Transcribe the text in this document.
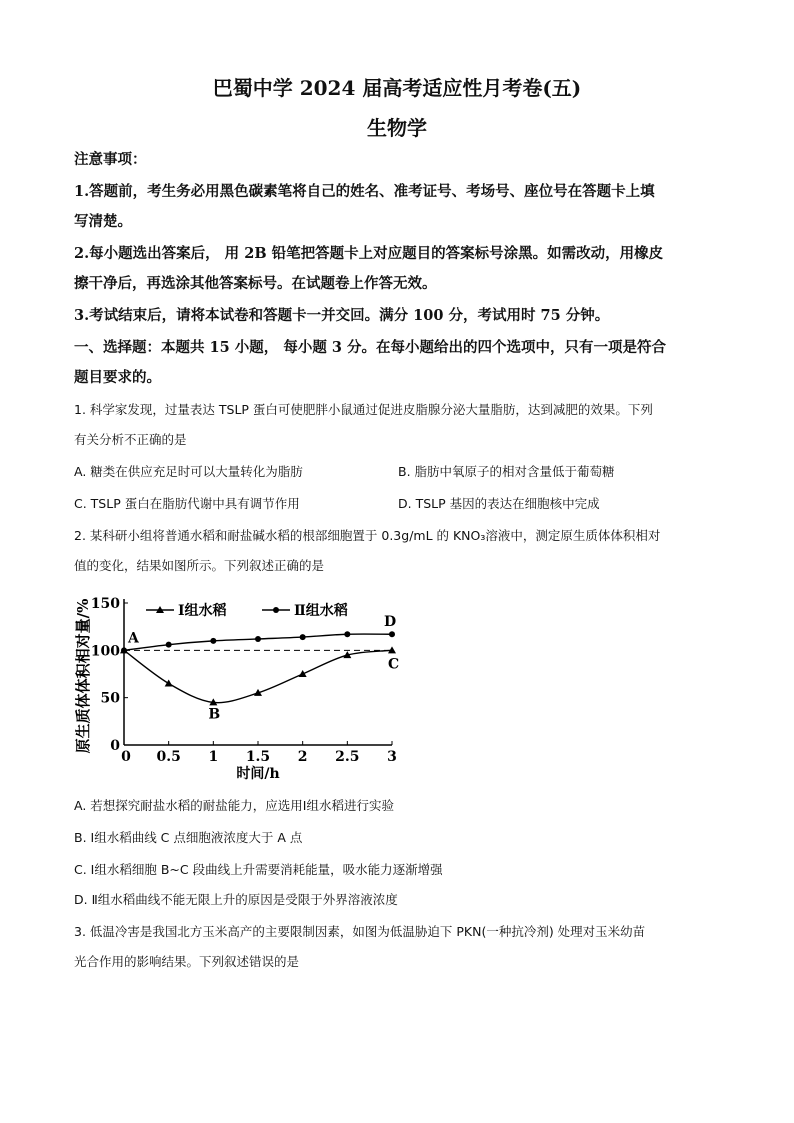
巴蜀中学 2024 届高考适应性月考卷(五)
生物学
注意事项：
1.答题前，考生务必用黑色碳素笔将自己的姓名、准考证号、考场号、座位号在答题卡上填
写清楚。
2.每小题选出答案后， 用 2B 铅笔把答题卡上对应题目的答案标号涂黑。如需改动，用橡皮
擦干净后，再选涂其他答案标号。在试题卷上作答无效。
3.考试结束后，请将本试卷和答题卡一并交回。满分 100 分，考试用时 75 分钟。
一、选择题：本题共 15 小题， 每小题 3 分。在每小题给出的四个选项中，只有一项是符合
题目要求的。
1. 科学家发现，过量表达 TSLP 蛋白可使肥胖小鼠通过促进皮脂腺分泌大量脂肪，达到减肥的效果。下列
有关分析不正确的是
A. 糖类在供应充足时可以大量转化为脂肪	B. 脂肪中氧原子的相对含量低于葡萄糖
C. TSLP 蛋白在脂肪代谢中具有调节作用	D. TSLP 基因的表达在细胞核中完成
2. 某科研小组将普通水稻和耐盐碱水稻的根部细胞置于 0.3g/mL 的 KNO₃溶液中，测定原生质体体积相对
值的变化，结果如图所示。下列叙述正确的是
0
50
100
150
0 0.5 1 1.5 2 2.5 3
时间/h
原生质体体积相对量/%	Ⅰ组水稻	Ⅱ组水稻
A
B
C
D
A. 若想探究耐盐水稻的耐盐能力，应选用Ⅰ组水稻进行实验
B. Ⅰ组水稻曲线 C 点细胞液浓度大于 A 点
C. Ⅰ组水稻细胞 B~C 段曲线上升需要消耗能量，吸水能力逐渐增强
D. Ⅱ组水稻曲线不能无限上升的原因是受限于外界溶液浓度
3. 低温冷害是我国北方玉米高产的主要限制因素，如图为低温胁迫下 PKN(一种抗冷剂) 处理对玉米幼苗
光合作用的影响结果。下列叙述错误的是
